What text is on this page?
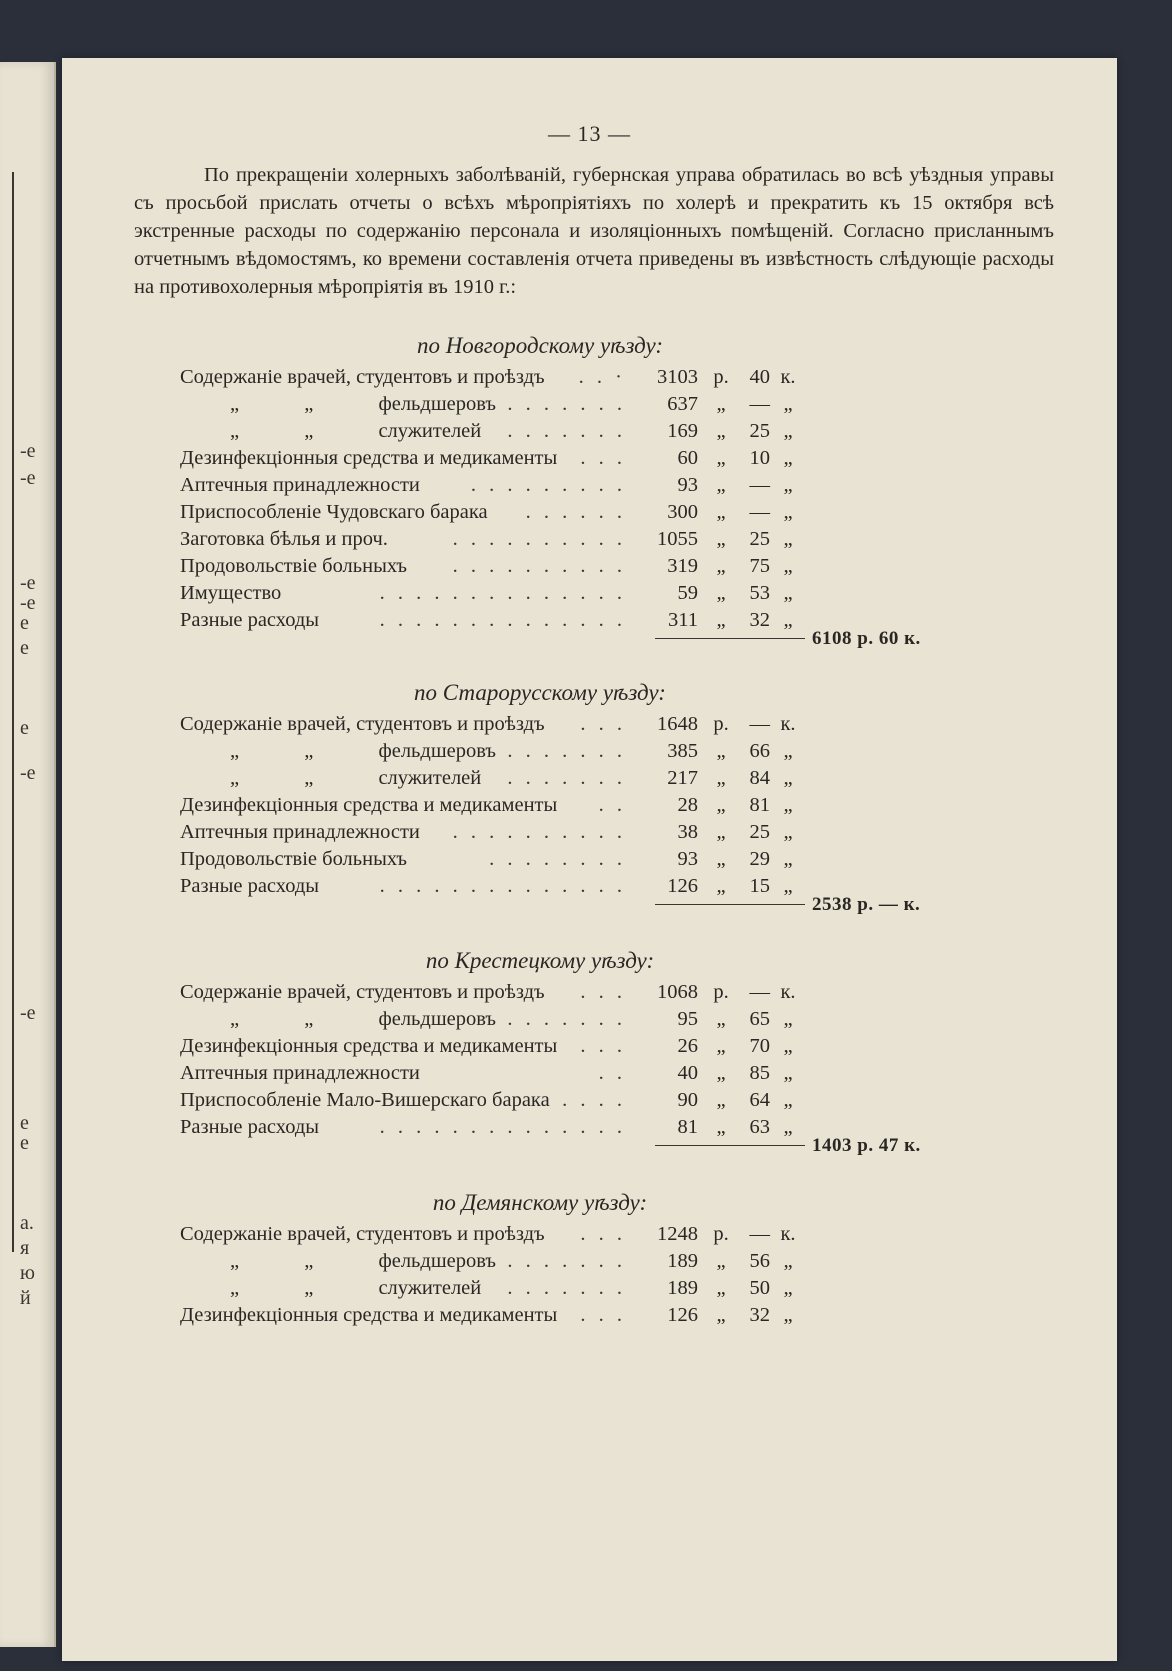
-е
-е
-е
-е
е
е
е
-е
-е
е
е
а.
я
ю
й
— 13 —
По прекращеніи холерныхъ заболѣваній, губернская управа обратилась во всѣ уѣздныя управы съ просьбой прислать отчеты о всѣхъ мѣропріятіяхъ по холерѣ и прекратить къ 15 октября всѣ экстренные расходы по содержанію персонала и изоляціонныхъ помѣщеній. Согласно присланнымъ отчетнымъ вѣдомостямъ, ко времени составленія отчета приведены въ извѣстность слѣдующіе расходы на противохолерныя мѣропріятія въ 1910 г.:
по Новгородскому уѣзду:
Содержаніе врачей, студентовъ и проѣздъ	. . ·	3103 р.	40 к.
„ „ фельдшеровъ . . . . . . .	637 „	— „
„ „ служителей	. . . . . . .	169 „	25 „
Дезинфекціонныя средства и медикаменты	. . .	60 „	10 „
Аптечныя принадлежности	. . . . . . . . .	93 „	— „
Приспособленіе Чудовскаго барака	. . . . . .	300 „	— „
Заготовка бѣлья и проч.	. . . . . . . . . .	1055 „	25 „
Продовольствіе больныхъ	. . . . . . . . . .	319 „	75 „
Имущество	. . . . . . . . . . . . . .	59 „	53 „
Разные расходы	. . . . . . . . . . . . . .	311 „	32 „
6108 р. 60 к.
по Старорусскому уѣзду:
Содержаніе врачей, студентовъ и проѣздъ	. . .	1648 р.	— к.
„ „ фельдшеровъ . . . . . . .	385 „	66 „
„ „ служителей	. . . . . . .	217 „	84 „
Дезинфекціонныя средства и медикаменты	. .	28 „	81 „
Аптечныя принадлежности	. . . . . . . . . .	38 „	25 „
Продовольствіе больныхъ	. . . . . . . .	93 „	29 „
Разные расходы	. . . . . . . . . . . . . .	126 „	15 „
2538 р. — к.
по Крестецкому уѣзду:
Содержаніе врачей, студентовъ и проѣздъ	. . .	1068 р.	— к.
„ „ фельдшеровъ . . . . . . .	95 „	65 „
Дезинфекціонныя средства и медикаменты	. . .	26 „	70 „
Аптечныя принадлежности	. .	40 „	85 „
Приспособленіе Мало-Вишерскаго барака . . . .	90 „	64 „
Разные расходы	. . . . . . . . . . . . . .	81 „	63 „
1403 р. 47 к.
по Демянскому уѣзду:
Содержаніе врачей, студентовъ и проѣздъ	. . .	1248 р.	— к.
„ „ фельдшеровъ . . . . . . .	189 „	56 „
„ „ служителей	. . . . . . .	189 „	50 „
Дезинфекціонныя средства и медикаменты	. . .	126 „	32 „
